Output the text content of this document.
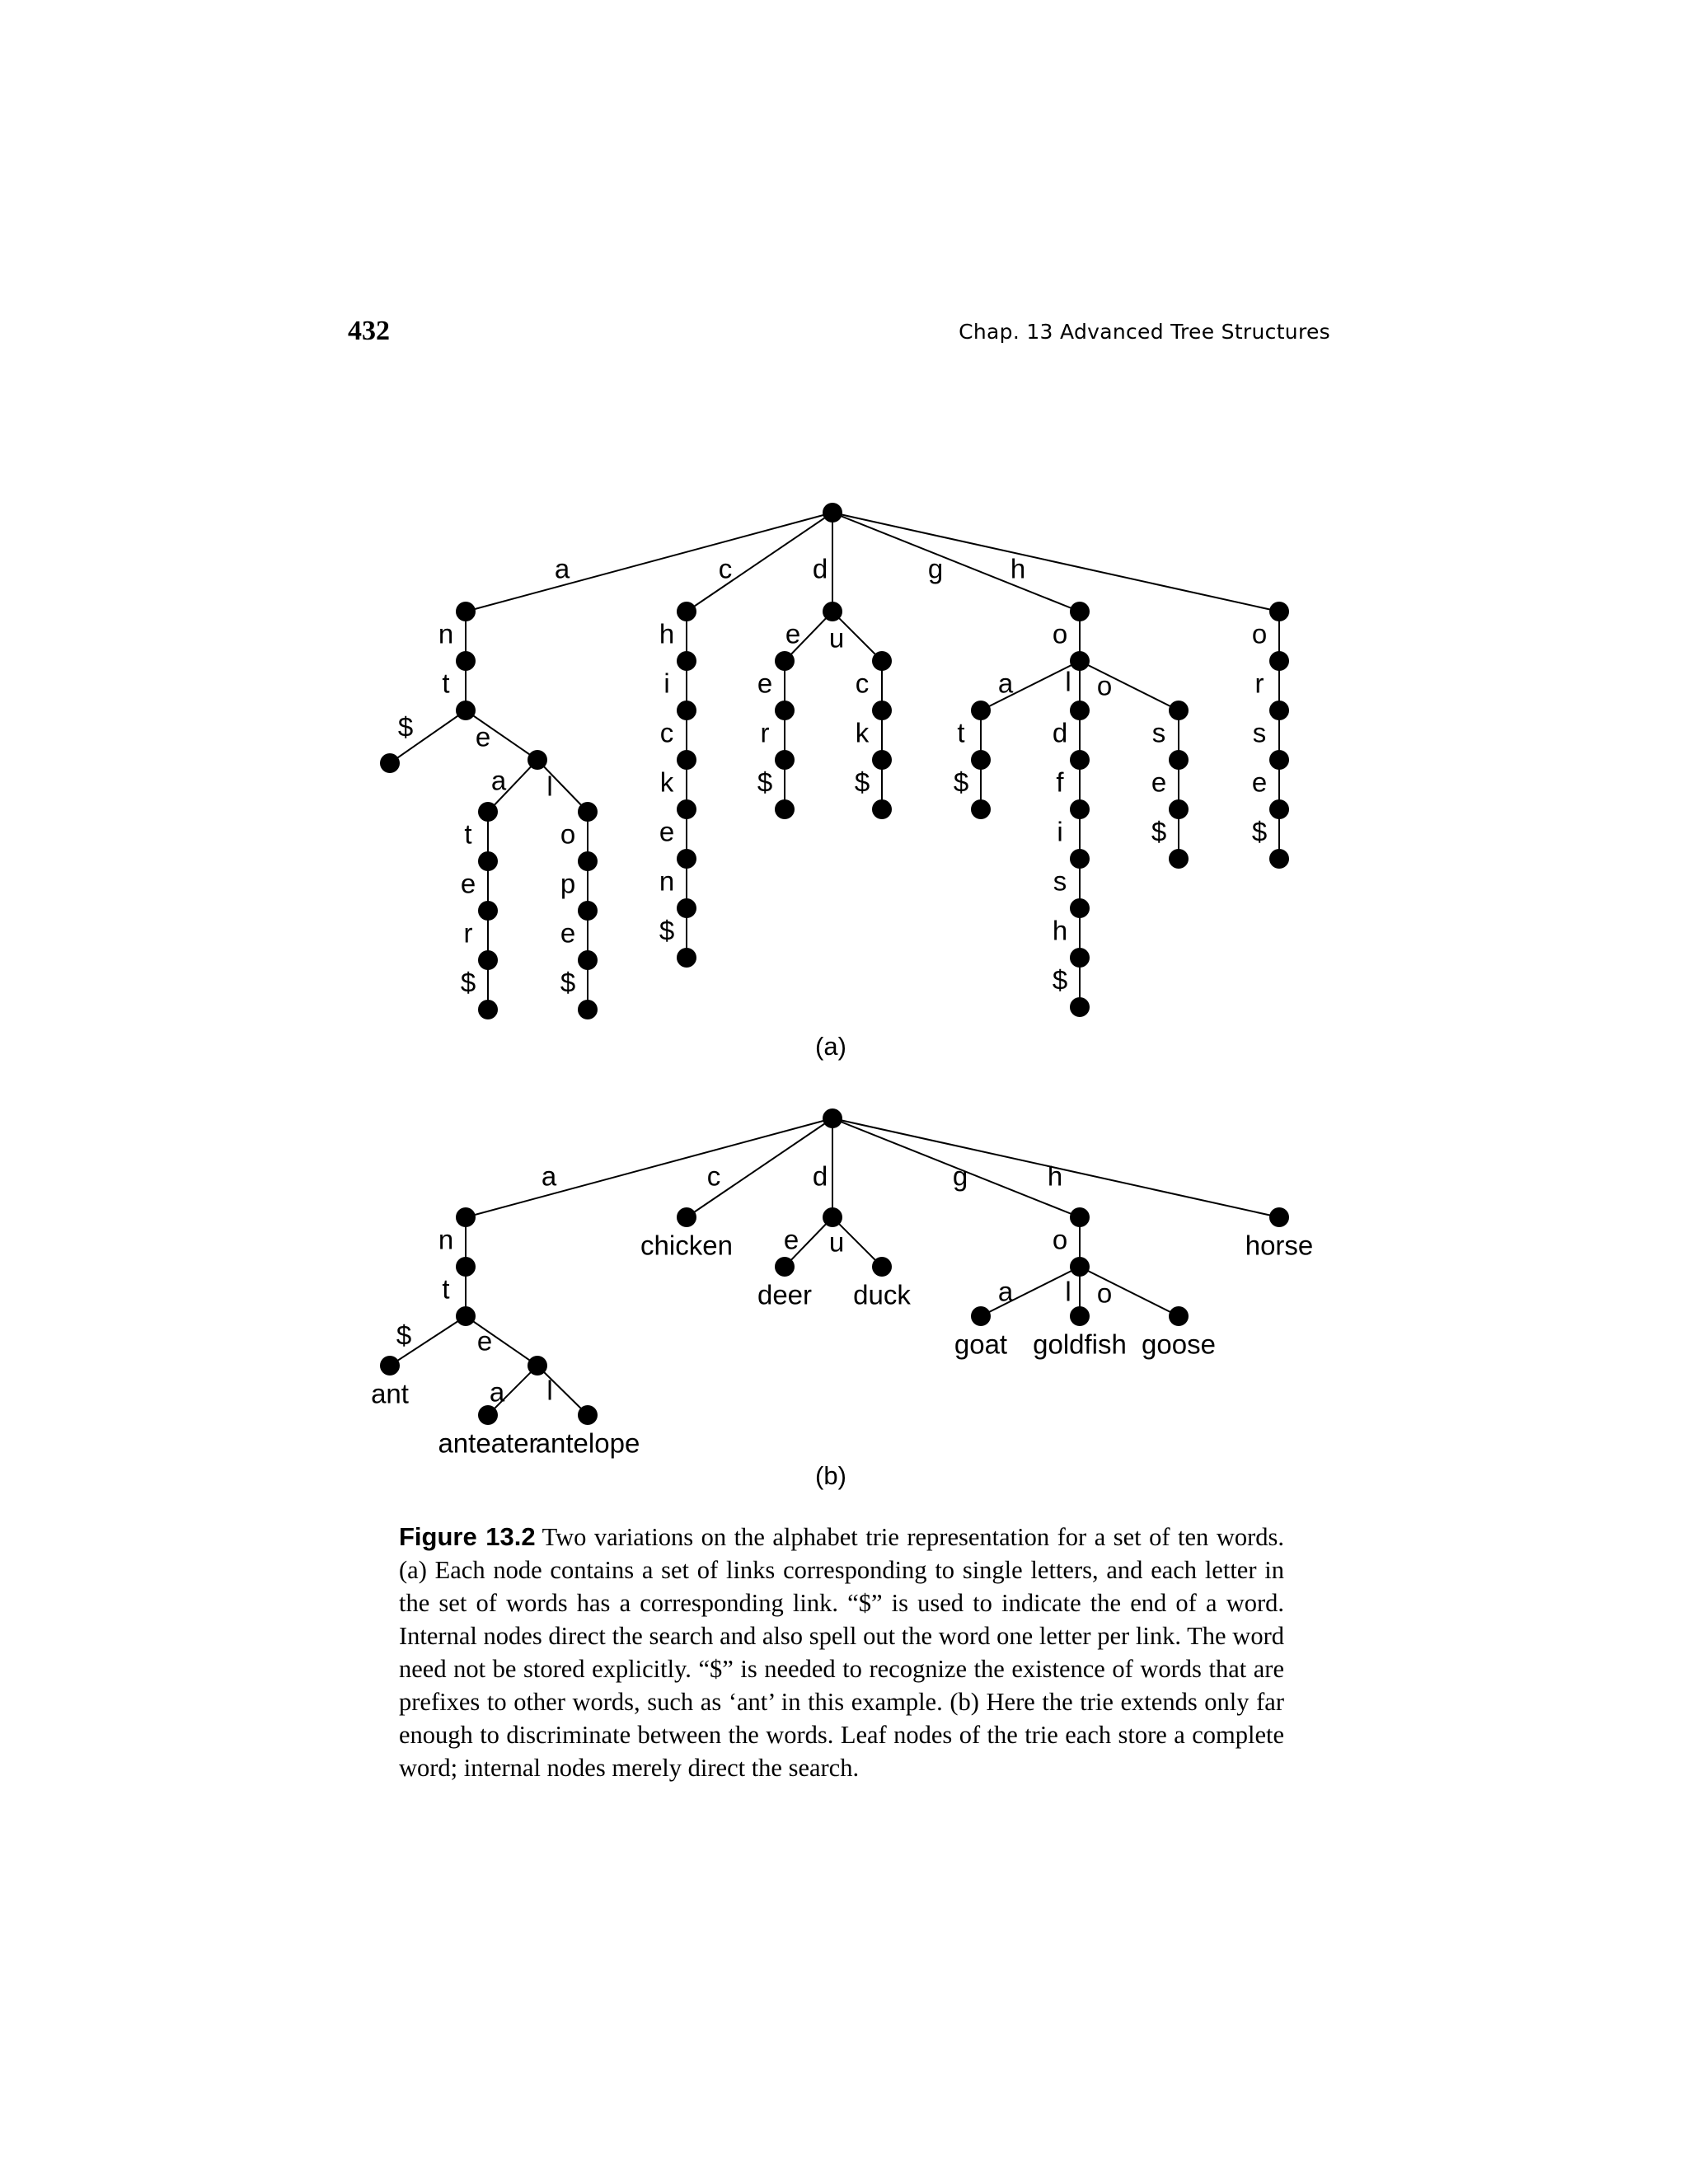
432	Chap. 13 Advanced Tree Structures
a
n
t
$ e
a
t
e
r
$
l
o
p
e
$
c
h
i
c
k
e
n
$
d
e
e
r
$
u
c
k
$
g
o
a
t
$
l
d
f
i
s
h
$
o
s
e
$
h
o
r
s
e
$
(a)
a
n
t
$ e
a l
c	d
e u
g
o
a l o
h
ant
anteater
antelope
chicken
deer duck
goat goldfish goose
horse
(b)
Figure 13.2 Two variations on the alphabet trie representation for a set of ten words. (a) Each node contains a set of links corresponding to single letters, and each letter in the set of words has a corresponding link. “$” is used to indicate the end of a word. Internal nodes direct the search and also spell out the word one letter per link. The word need not be stored explicitly. “$” is needed to recognize the existence of words that are prefixes to other words, such as ‘ant’ in this example. (b) Here the trie extends only far enough to discriminate between the words. Leaf nodes of the trie each store a complete word; internal nodes merely direct the search.
